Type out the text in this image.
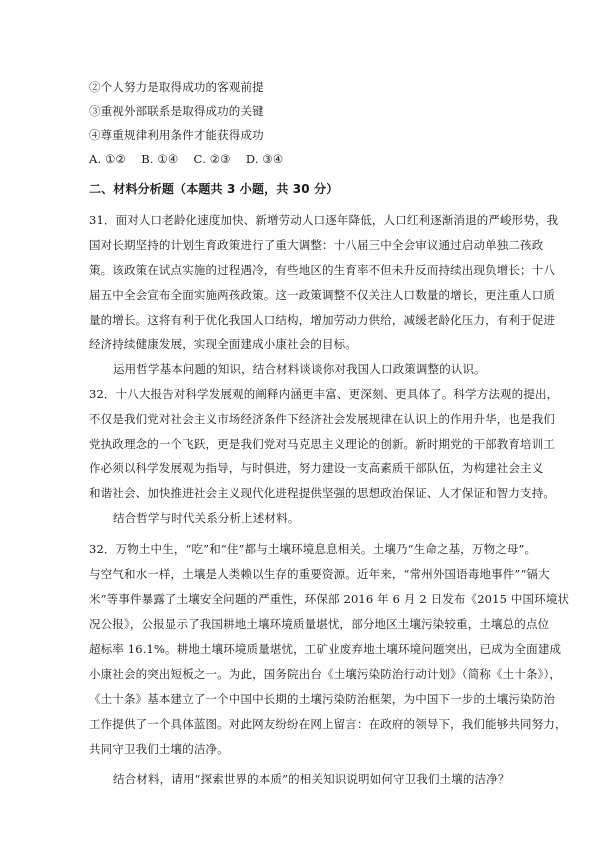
②个人努力是取得成功的客观前提
③重视外部联系是取得成功的关键
④尊重规律利用条件才能获得成功
A. ①②    B. ①④    C. ②③    D. ③④
二、材料分析题（本题共 3 小题，共 30 分）
31．面对人口老龄化速度加快、新增劳动人口逐年降低，人口红利逐渐消退的严峻形势，我
国对长期坚持的计划生育政策进行了重大调整：十八届三中全会审议通过启动单独二孩政
策。该政策在试点实施的过程遇冷，有些地区的生育率不但未升反而持续出现负增长；十八
届五中全会宣布全面实施两孩政策。这一政策调整不仅关注人口数量的增长，更注重人口质
量的增长。这将有利于优化我国人口结构，增加劳动力供给，减缓老龄化压力，有利于促进
经济持续健康发展，实现全面建成小康社会的目标。
运用哲学基本问题的知识，结合材料谈谈你对我国人口政策调整的认识。
32．十八大报告对科学发展观的阐释内涵更丰富、更深刻、更具体了。科学方法观的提出，
不仅是我们党对社会主义市场经济条件下经济社会发展规律在认识上的作用升华，也是我们
党执政理念的一个飞跃，更是我们党对马克思主义理论的创新。新时期党的干部教育培训工
作必须以科学发展观为指导，与时俱进，努力建设一支高素质干部队伍，为构建社会主义
和谐社会、加快推进社会主义现代化进程提供坚强的思想政治保证、人才保证和智力支持。
结合哲学与时代关系分析上述材料。
32．万物土中生，“吃”和“住”都与土壤环境息息相关。土壤乃“生命之基，万物之母”。
与空气和水一样，土壤是人类赖以生存的重要资源。近年来，“常州外国语毒地事件”“镉大
米”等事件暴露了土壤安全问题的严重性，环保部 2016 年 6 月 2 日发布《2015 中国环境状
况公报》，公报显示了我国耕地土壤环境质量堪忧，部分地区土壤污染较重，土壤总的点位
超标率 16.1%。耕地土壤环境质量堪忧，工矿业废弃地土壤环境问题突出，已成为全面建成
小康社会的突出短板之一。为此，国务院出台《土壤污染防治行动计划》（简称《土十条》），
《土十条》基本建立了一个中国中长期的土壤污染防治框架，为中国下一步的土壤污染防治
工作提供了一个具体蓝图。对此网友纷纷在网上留言：在政府的领导下，我们能够共同努力，
共同守卫我们土壤的洁净。
结合材料，请用“探索世界的本质”的相关知识说明如何守卫我们土壤的洁净？
